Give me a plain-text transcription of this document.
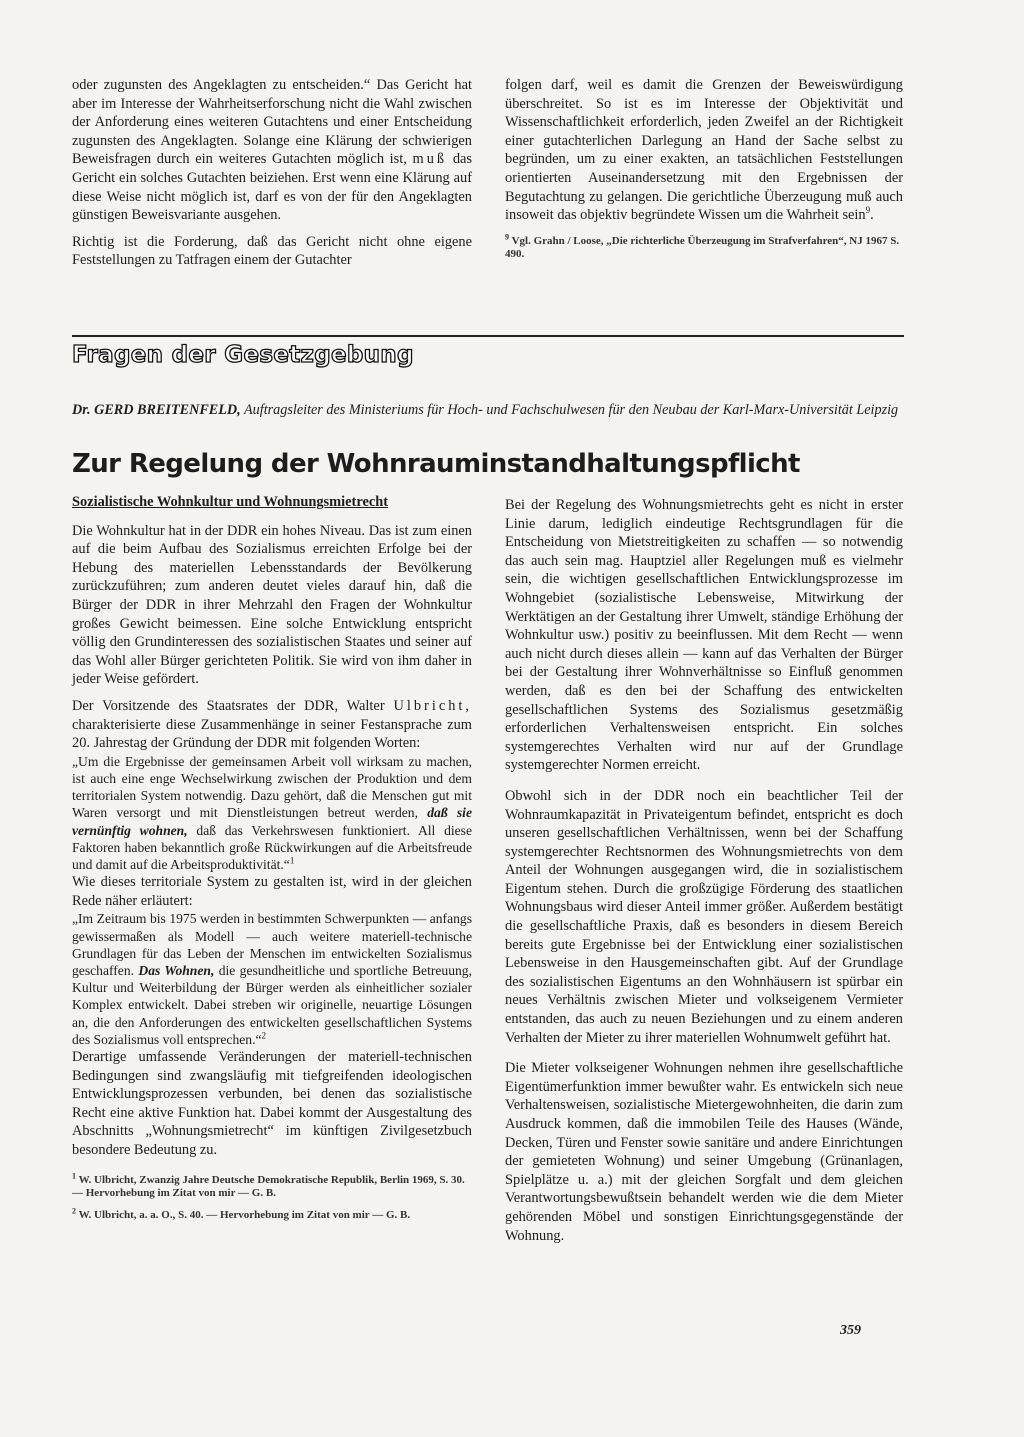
oder zugunsten des Angeklagten zu entscheiden.“ Das Gericht hat aber im Interesse der Wahrheitserforschung nicht die Wahl zwischen der Anforderung eines weiteren Gutachtens und einer Entscheidung zugunsten des Angeklagten. Solange eine Klärung der schwierigen Beweisfragen durch ein weiteres Gutachten möglich ist, muß das Gericht ein solches Gutachten beiziehen. Erst wenn eine Klärung auf diese Weise nicht möglich ist, darf es von der für den Angeklagten günstigen Beweisvariante ausgehen.

Richtig ist die Forderung, daß das Gericht nicht ohne eigene Feststellungen zu Tatfragen einem der Gutachter

folgen darf, weil es damit die Grenzen der Beweiswürdigung überschreitet. So ist es im Interesse der Objektivität und Wissenschaftlichkeit erforderlich, jeden Zweifel an der Richtigkeit einer gutachterlichen Darlegung an Hand der Sache selbst zu begründen, um zu einer exakten, an tatsächlichen Feststellungen orientierten Auseinandersetzung mit den Ergebnissen der Begutachtung zu gelangen. Die gerichtliche Überzeugung muß auch insoweit das objektiv begründete Wissen um die Wahrheit sein$^9$.

$^9$ Vgl. Grahn / Loose, „Die richterliche Überzeugung im Strafverfahren“, NJ 1967 S. 490.

Fragen der Gesetzgebung

Dr. GERD BREITENFELD, Auftragsleiter des Ministeriums für Hoch- und Fachschulwesen für den Neubau der Karl-Marx-Universität Leipzig

Zur Regelung der Wohnrauminstandhaltungspflicht

Sozialistische Wohnkultur und Wohnungsmietrecht

Die Wohnkultur hat in der DDR ein hohes Niveau. Das ist zum einen auf die beim Aufbau des Sozialismus erreichten Erfolge bei der Hebung des materiellen Lebensstandards der Bevölkerung zurückzuführen; zum anderen deutet vieles darauf hin, daß die Bürger der DDR in ihrer Mehrzahl den Fragen der Wohnkultur großes Gewicht beimessen. Eine solche Entwicklung entspricht völlig den Grundinteressen des sozialistischen Staates und seiner auf das Wohl aller Bürger gerichteten Politik. Sie wird von ihm daher in jeder Weise gefördert.

Der Vorsitzende des Staatsrates der DDR, Walter Ulbricht, charakterisierte diese Zusammenhänge in seiner Festansprache zum 20. Jahrestag der Gründung der DDR mit folgenden Worten:

„Um die Ergebnisse der gemeinsamen Arbeit voll wirksam zu machen, ist auch eine enge Wechselwirkung zwischen der Produktion und dem territorialen System notwendig. Dazu gehört, daß die Menschen gut mit Waren versorgt und mit Dienstleistungen betreut werden, daß sie vernünftig wohnen, daß das Verkehrswesen funktioniert. All diese Faktoren haben bekanntlich große Rückwirkungen auf die Arbeitsfreude und damit auf die Arbeitsproduktivität.“$^1$

Wie dieses territoriale System zu gestalten ist, wird in der gleichen Rede näher erläutert:

„Im Zeitraum bis 1975 werden in bestimmten Schwerpunkten — anfangs gewissermaßen als Modell — auch weitere materiell-technische Grundlagen für das Leben der Menschen im entwickelten Sozialismus geschaffen. Das Wohnen, die gesundheitliche und sportliche Betreuung, Kultur und Weiterbildung der Bürger werden als einheitlicher sozialer Komplex entwickelt. Dabei streben wir originelle, neuartige Lösungen an, die den Anforderungen des entwickelten gesellschaftlichen Systems des Sozialismus voll entsprechen.“$^2$

Derartige umfassende Veränderungen der materiell-technischen Bedingungen sind zwangsläufig mit tiefgreifenden ideologischen Entwicklungsprozessen verbunden, bei denen das sozialistische Recht eine aktive Funktion hat. Dabei kommt der Ausgestaltung des Abschnitts „Wohnungsmietrecht“ im künftigen Zivilgesetzbuch besondere Bedeutung zu.

$^1$ W. Ulbricht, Zwanzig Jahre Deutsche Demokratische Republik, Berlin 1969, S. 30. — Hervorhebung im Zitat von mir — G. B.

$^2$ W. Ulbricht, a. a. O., S. 40. — Hervorhebung im Zitat von mir — G. B.

Bei der Regelung des Wohnungsmietrechts geht es nicht in erster Linie darum, lediglich eindeutige Rechtsgrundlagen für die Entscheidung von Mietstreitigkeiten zu schaffen — so notwendig das auch sein mag. Hauptziel aller Regelungen muß es vielmehr sein, die wichtigen gesellschaftlichen Entwicklungsprozesse im Wohngebiet (sozialistische Lebensweise, Mitwirkung der Werktätigen an der Gestaltung ihrer Umwelt, ständige Erhöhung der Wohnkultur usw.) positiv zu beeinflussen. Mit dem Recht — wenn auch nicht durch dieses allein — kann auf das Verhalten der Bürger bei der Gestaltung ihrer Wohnverhältnisse so Einfluß genommen werden, daß es den bei der Schaffung des entwickelten gesellschaftlichen Systems des Sozialismus gesetzmäßig erforderlichen Verhaltensweisen entspricht. Ein solches systemgerechtes Verhalten wird nur auf der Grundlage systemgerechter Normen erreicht.

Obwohl sich in der DDR noch ein beachtlicher Teil der Wohnraumkapazität in Privateigentum befindet, entspricht es doch unseren gesellschaftlichen Verhältnissen, wenn bei der Schaffung systemgerechter Rechtsnormen des Wohnungsmietrechts von dem Anteil der Wohnungen ausgegangen wird, die in sozialistischem Eigentum stehen. Durch die großzügige Förderung des staatlichen Wohnungsbaus wird dieser Anteil immer größer. Außerdem bestätigt die gesellschaftliche Praxis, daß es besonders in diesem Bereich bereits gute Ergebnisse bei der Entwicklung einer sozialistischen Lebensweise in den Hausgemeinschaften gibt. Auf der Grundlage des sozialistischen Eigentums an den Wohnhäusern ist spürbar ein neues Verhältnis zwischen Mieter und volkseigenem Vermieter entstanden, das auch zu neuen Beziehungen und zu einem anderen Verhalten der Mieter zu ihrer materiellen Wohnumwelt geführt hat.

Die Mieter volkseigener Wohnungen nehmen ihre gesellschaftliche Eigentümerfunktion immer bewußter wahr. Es entwickeln sich neue Verhaltensweisen, sozialistische Mietergewohnheiten, die darin zum Ausdruck kommen, daß die immobilen Teile des Hauses (Wände, Decken, Türen und Fenster sowie sanitäre und andere Einrichtungen der gemieteten Wohnung) und seiner Umgebung (Grünanlagen, Spielplätze u. a.) mit der gleichen Sorgfalt und dem gleichen Verantwortungsbewußtsein behandelt werden wie die dem Mieter gehörenden Möbel und sonstigen Einrichtungsgegenstände der Wohnung.

359
